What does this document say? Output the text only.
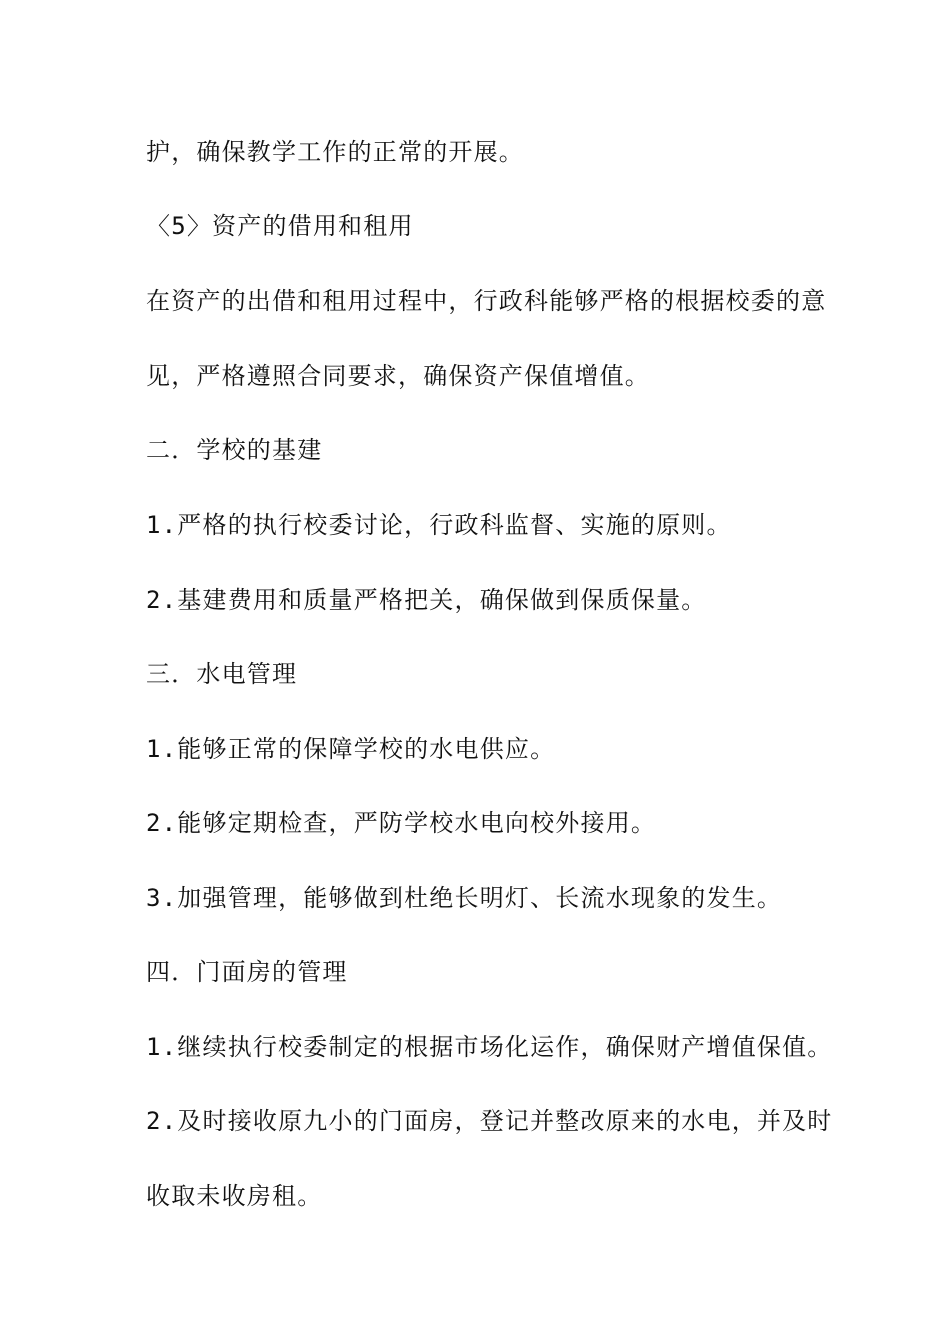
护，确保教学工作的正常的开展。
〈5〉资产的借用和租用
在资产的出借和租用过程中，行政科能够严格的根据校委的意
见，严格遵照合同要求，确保资产保值增值。
二．学校的基建
1.严格的执行校委讨论，行政科监督、实施的原则。
2.基建费用和质量严格把关，确保做到保质保量。
三．水电管理
1.能够正常的保障学校的水电供应。
2.能够定期检查，严防学校水电向校外接用。
3.加强管理，能够做到杜绝长明灯、长流水现象的发生。
四．门面房的管理
1.继续执行校委制定的根据市场化运作，确保财产增值保值。
2.及时接收原九小的门面房，登记并整改原来的水电，并及时
收取未收房租。
